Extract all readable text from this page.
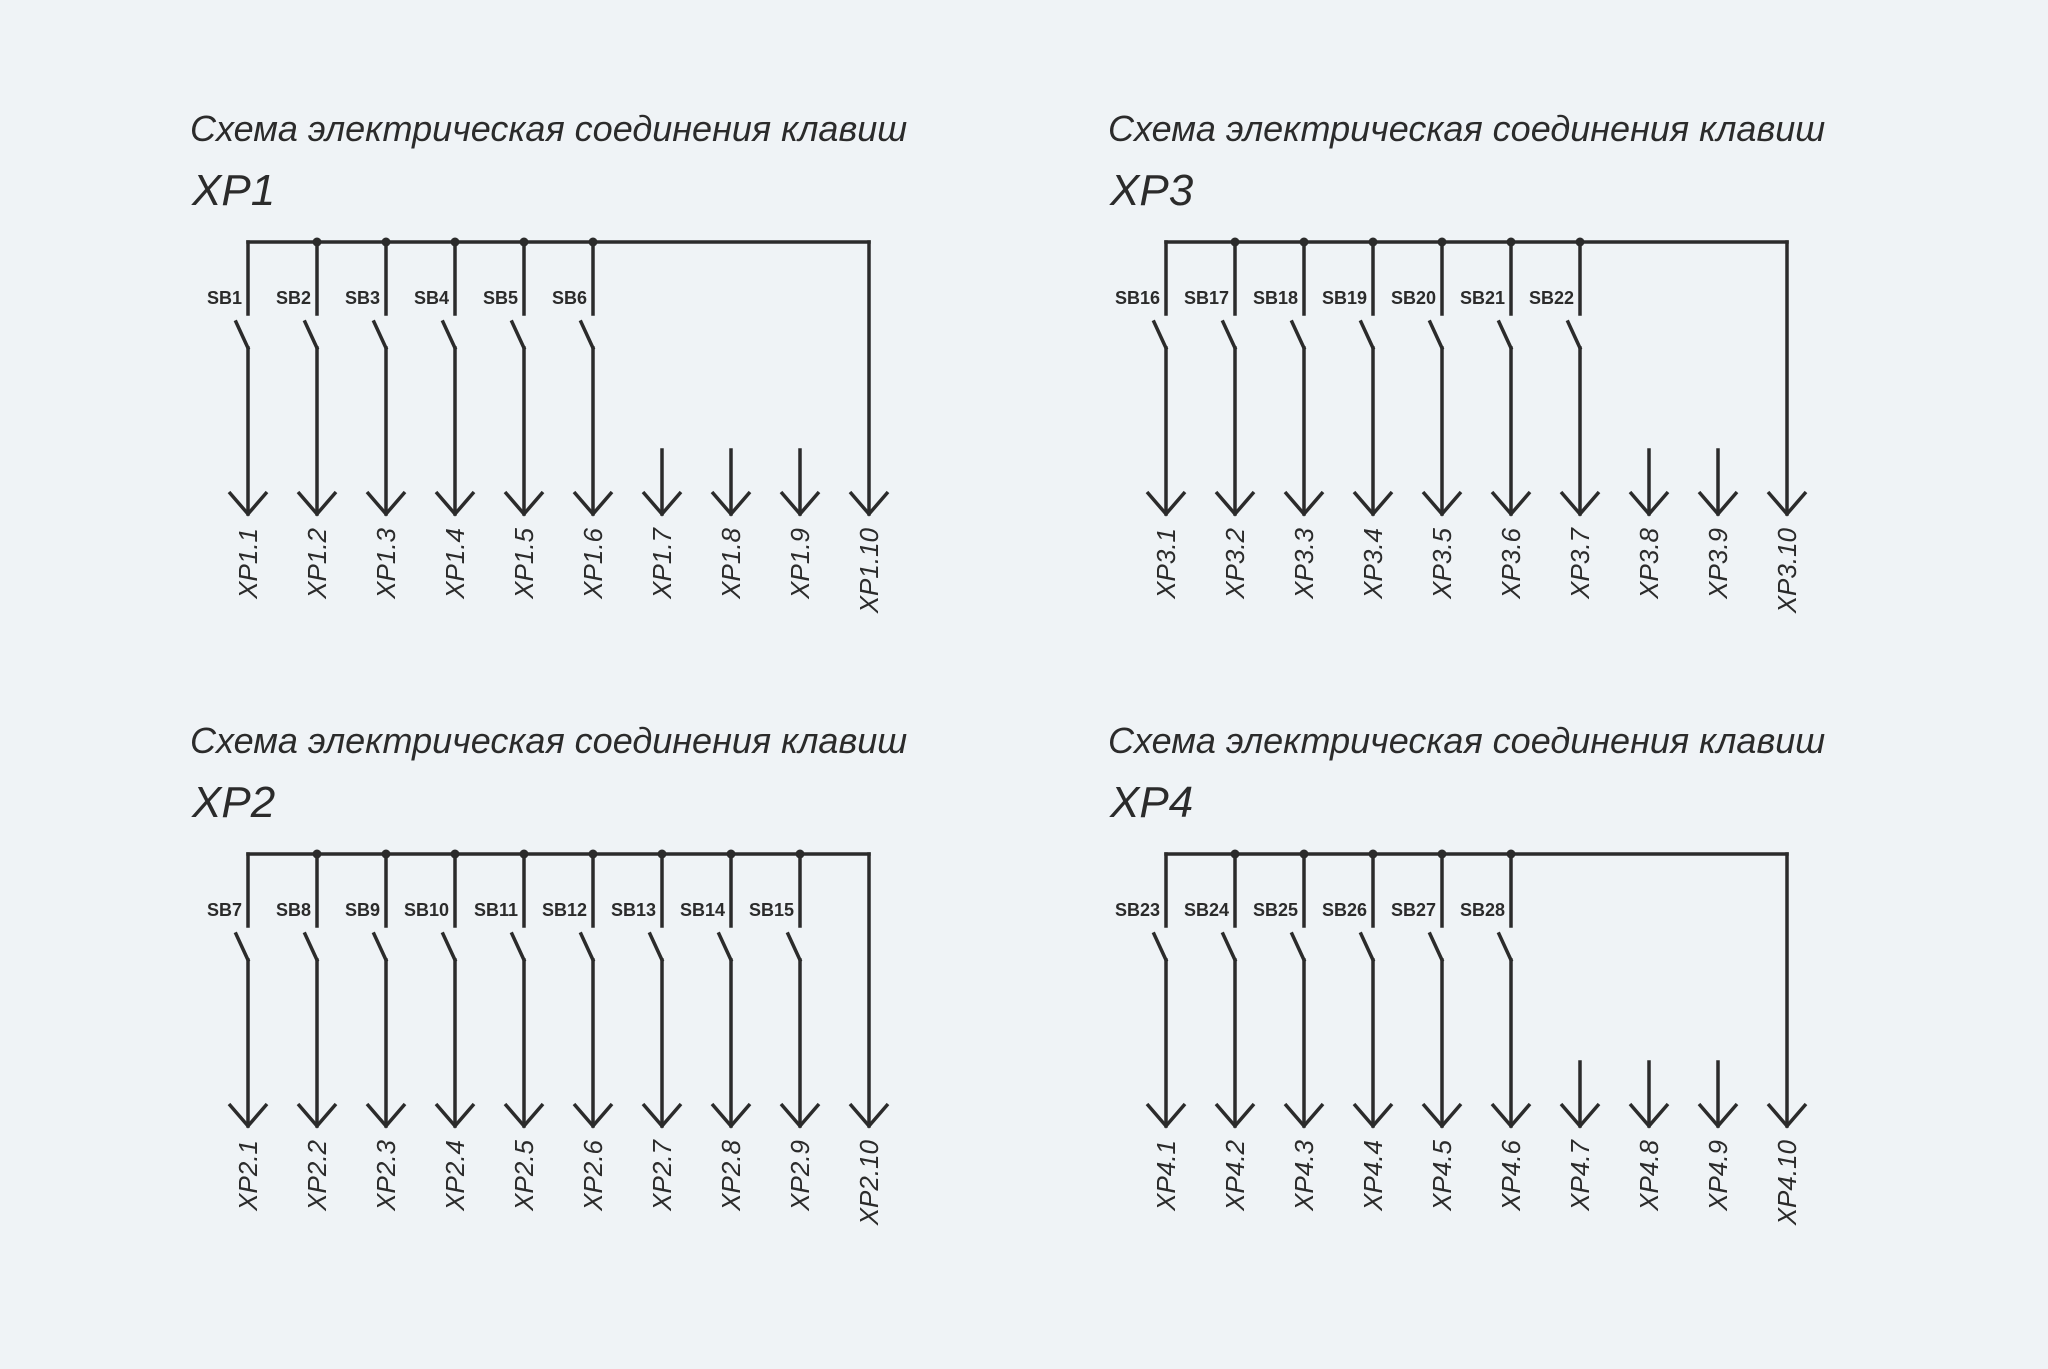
Схема электрическая соединения клавиш
XP1
SB1
XP1.1
SB2
XP1.2
SB3
XP1.3
SB4
XP1.4
SB5
XP1.5
SB6
XP1.6 XP1.7 XP1.8 XP1.9 XP1.10
Схема электрическая соединения клавиш
XP3
SB16
XP3.1
SB17
XP3.2
SB18
XP3.3
SB19
XP3.4
SB20
XP3.5
SB21
XP3.6
SB22
XP3.7 XP3.8 XP3.9 XP3.10
Схема электрическая соединения клавиш
XP2
SB7
XP2.1
SB8
XP2.2
SB9
XP2.3
SB10
XP2.4
SB11
XP2.5
SB12
XP2.6
SB13
XP2.7
SB14
XP2.8
SB15
XP2.9 XP2.10
Схема электрическая соединения клавиш
XP4
SB23
XP4.1
SB24
XP4.2
SB25
XP4.3
SB26
XP4.4
SB27
XP4.5
SB28
XP4.6 XP4.7 XP4.8 XP4.9 XP4.10
